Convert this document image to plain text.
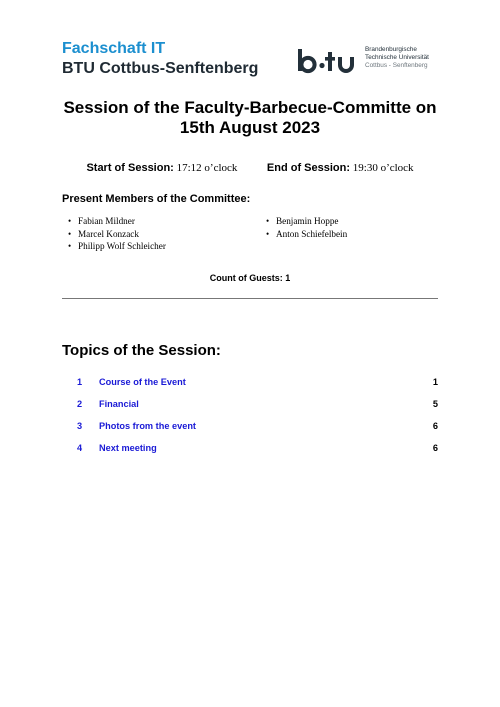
Fachschaft IT
BTU Cottbus-Senftenberg
Brandenburgische
Technische Universität
Cottbus - Senftenberg
Session of the Faculty-Barbecue-Committe on
15th August 2023
Start of Session: 17:12 o’clock	End of Session: 19:30 o’clock
Present Members of the Committee:
• Fabian Mildner
• Marcel Konzack
• Philipp Wolf Schleicher
• Benjamin Hoppe
• Anton Schiefelbein
Count of Guests: 1
Topics of the Session:
1 Course of the Event	1
2 Financial	5
3 Photos from the event	6
4 Next meeting	6
